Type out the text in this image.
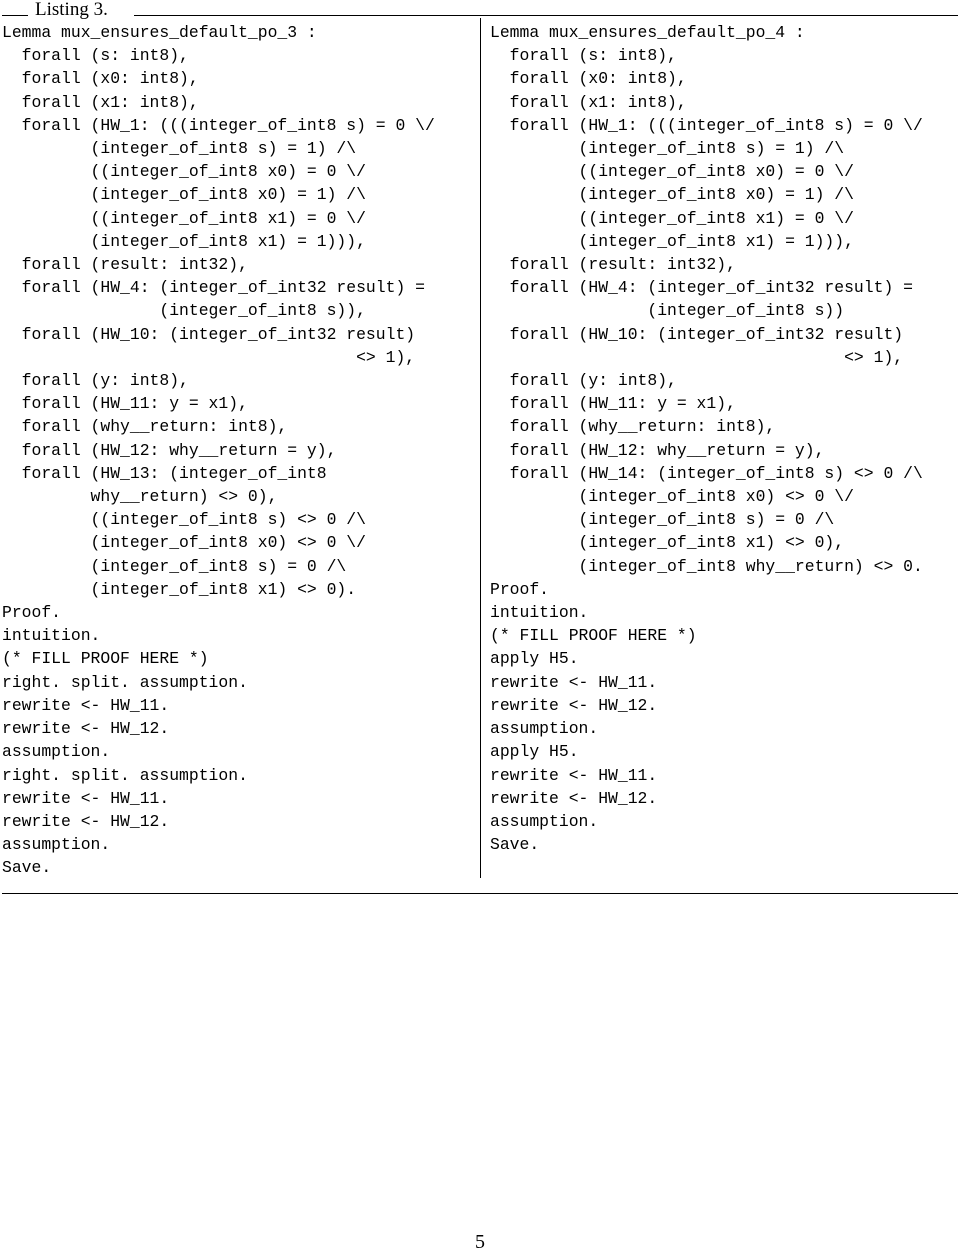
Listing 3.
Lemma mux_ensures_default_po_3 :
forall (s: int8),
forall (x0: int8),
forall (x1: int8),
forall (HW_1: (((integer_of_int8 s) = 0 \/
(integer_of_int8 s) = 1) /\
((integer_of_int8 x0) = 0 \/
(integer_of_int8 x0) = 1) /\
((integer_of_int8 x1) = 0 \/
(integer_of_int8 x1) = 1))),
forall (result: int32),
forall (HW_4: (integer_of_int32 result) =
(integer_of_int8 s)),
forall (HW_10: (integer_of_int32 result)
<> 1),
forall (y: int8),
forall (HW_11: y = x1),
forall (why__return: int8),
forall (HW_12: why__return = y),
forall (HW_13: (integer_of_int8
why__return) <> 0),
((integer_of_int8 s) <> 0 /\
(integer_of_int8 x0) <> 0 \/
(integer_of_int8 s) = 0 /\
(integer_of_int8 x1) <> 0).
Proof.
intuition.
(* FILL PROOF HERE *)
right. split. assumption.
rewrite <- HW_11.
rewrite <- HW_12.
assumption.
right. split. assumption.
rewrite <- HW_11.
rewrite <- HW_12.
assumption.
Save.
Lemma mux_ensures_default_po_4 :
forall (s: int8),
forall (x0: int8),
forall (x1: int8),
forall (HW_1: (((integer_of_int8 s) = 0 \/
(integer_of_int8 s) = 1) /\
((integer_of_int8 x0) = 0 \/
(integer_of_int8 x0) = 1) /\
((integer_of_int8 x1) = 0 \/
(integer_of_int8 x1) = 1))),
forall (result: int32),
forall (HW_4: (integer_of_int32 result) =
(integer_of_int8 s))
forall (HW_10: (integer_of_int32 result)
<> 1),
forall (y: int8),
forall (HW_11: y = x1),
forall (why__return: int8),
forall (HW_12: why__return = y),
forall (HW_14: (integer_of_int8 s) <> 0 /\
(integer_of_int8 x0) <> 0 \/
(integer_of_int8 s) = 0 /\
(integer_of_int8 x1) <> 0),
(integer_of_int8 why__return) <> 0.
Proof.
intuition.
(* FILL PROOF HERE *)
apply H5.
rewrite <- HW_11.
rewrite <- HW_12.
assumption.
apply H5.
rewrite <- HW_11.
rewrite <- HW_12.
assumption.
Save.
5
